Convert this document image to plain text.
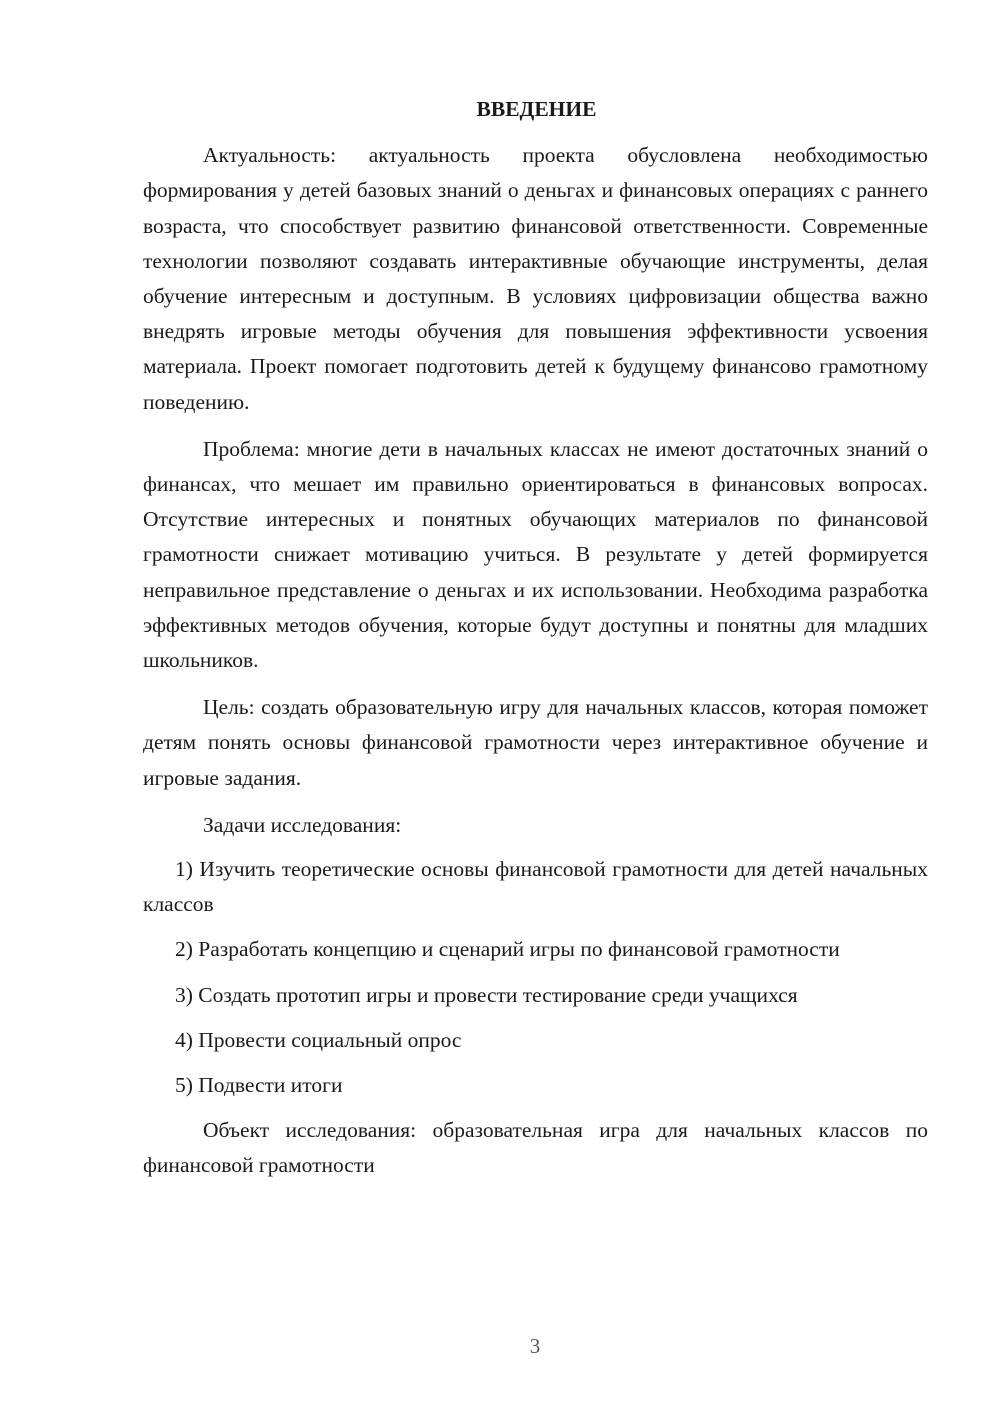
ВВЕДЕНИЕ

Актуальность: актуальность проекта обусловлена необходимостью формирования у детей базовых знаний о деньгах и финансовых операциях с раннего возраста, что способствует развитию финансовой ответственности. Современные технологии позволяют создавать интерактивные обучающие инструменты, делая обучение интересным и доступным. В условиях цифровизации общества важно внедрять игровые методы обучения для повышения эффективности усвоения материала. Проект помогает подготовить детей к будущему финансово грамотному поведению.

Проблема: многие дети в начальных классах не имеют достаточных знаний о финансах, что мешает им правильно ориентироваться в финансовых вопросах. Отсутствие интересных и понятных обучающих материалов по финансовой грамотности снижает мотивацию учиться. В результате у детей формируется неправильное представление о деньгах и их использовании. Необходима разработка эффективных методов обучения, которые будут доступны и понятны для младших школьников.

Цель: создать образовательную игру для начальных классов, которая поможет детям понять основы финансовой грамотности через интерактивное обучение и игровые задания.

Задачи исследования:

1) Изучить теоретические основы финансовой грамотности для детей начальных классов

2) Разработать концепцию и сценарий игры по финансовой грамотности

3) Создать прототип игры и провести тестирование среди учащихся

4) Провести социальный опрос

5) Подвести итоги

Объект исследования: образовательная игра для начальных классов по финансовой грамотности

3
